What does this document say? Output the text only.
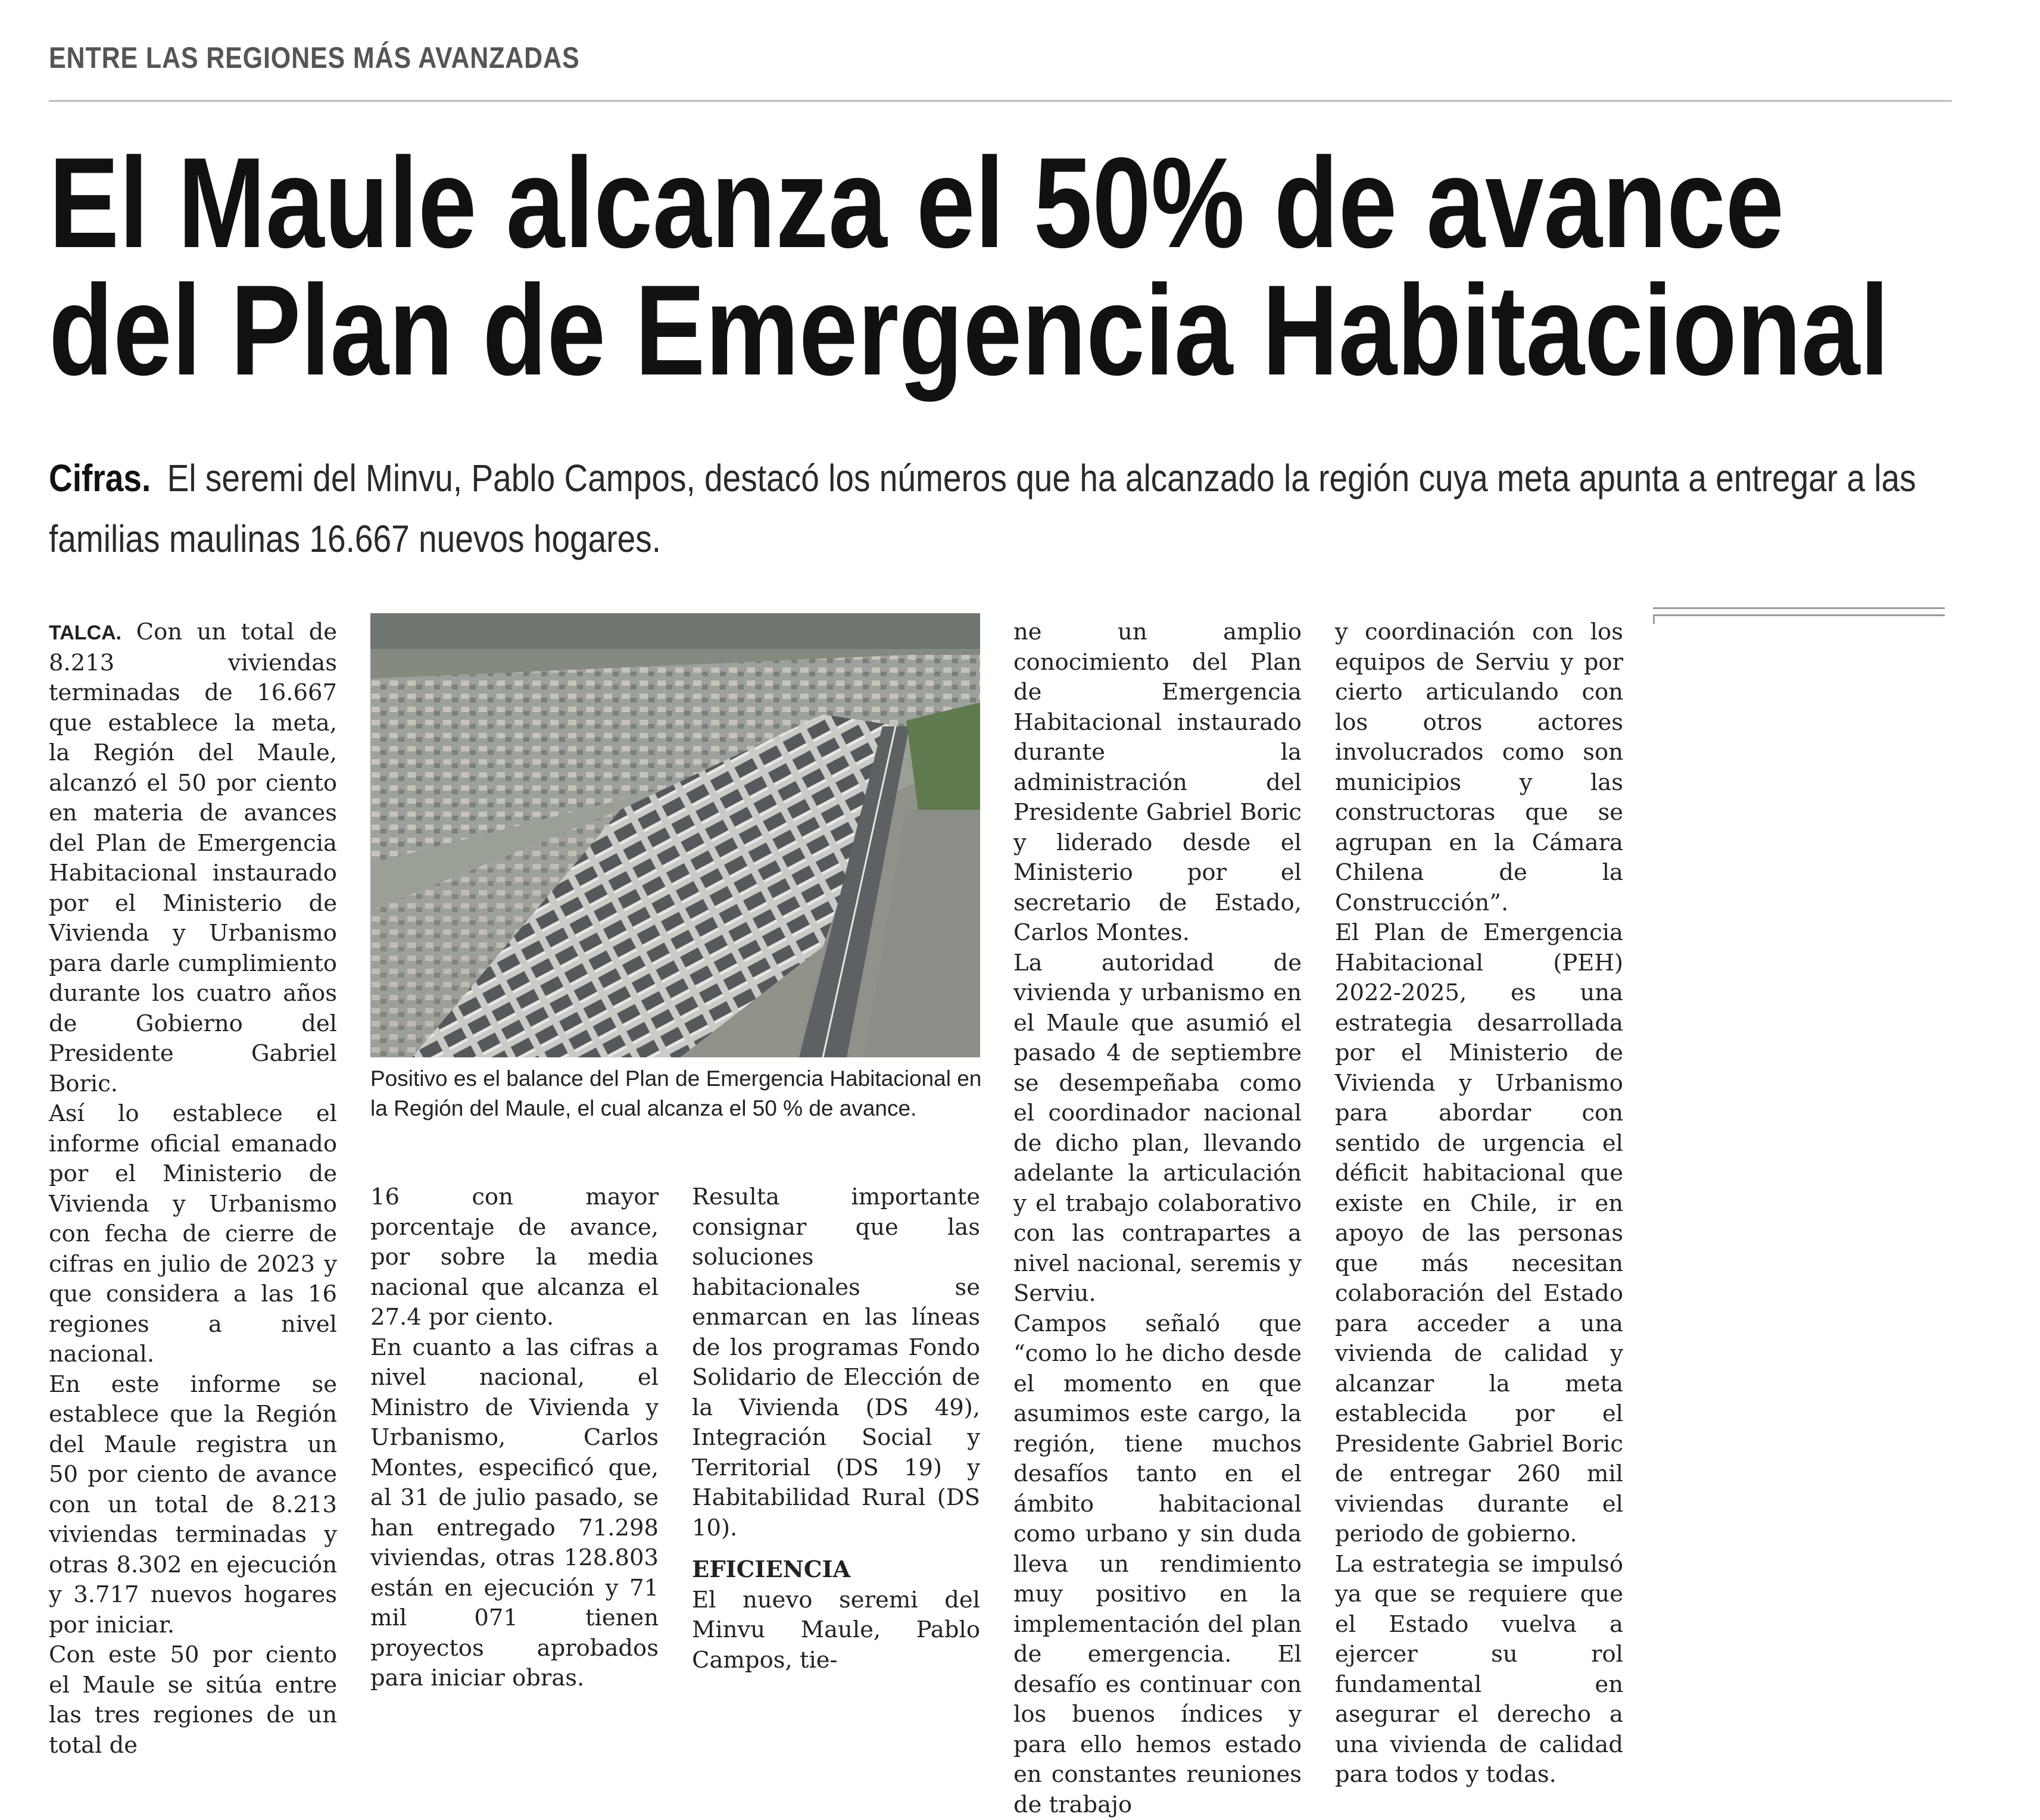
ENTRE LAS REGIONES MÁS AVANZADAS
El Maule alcanza el 50% de avance
del Plan de Emergencia Habitacional
Cifras. El seremi del Minvu, Pablo Campos, destacó los números que ha alcanzado la región cuya meta apunta a entregar a las familias maulinas 16.667 nuevos hogares.

TALCA. Con un total de 8.213 viviendas terminadas de 16.667 que establece la meta, la Región del Maule, alcanzó el 50 por ciento en materia de avances del Plan de Emergencia Habitacional instaurado por el Ministerio de Vivienda y Urbanismo para darle cumplimiento durante los cuatro años de Gobierno del Presidente Gabriel Boric.

Así lo establece el informe oficial emanado por el Ministerio de Vivienda y Urbanismo con fecha de cierre de cifras en julio de 2023 y que considera a las 16 regiones a nivel nacional.

En este informe se establece que la Región del Maule registra un 50 por ciento de avance con un total de 8.213 viviendas terminadas y otras 8.302 en ejecución y 3.717 nuevos hogares por iniciar.

Con este 50 por ciento el Maule se sitúa entre las tres regiones de un total de

Positivo es el balance del Plan de Emergencia Habitacional en la Región del Maule, el cual alcanza el 50 % de avance.

16 con mayor porcentaje de avance, por sobre la media nacional que alcanza el 27.4 por ciento.

En cuanto a las cifras a nivel nacional, el Ministro de Vivienda y Urbanismo, Carlos Montes, especificó que, al 31 de julio pasado, se han entregado 71.298 viviendas, otras 128.803 están en ejecución y 71 mil 071 tienen proyectos aprobados para iniciar obras.

Resulta importante consignar que las soluciones habitacionales se enmarcan en las líneas de los programas Fondo Solidario de Elección de la Vivienda (DS 49), Integración Social y Territorial (DS 19) y Habitabilidad Rural (DS 10).

EFICIENCIA

El nuevo seremi del Minvu Maule, Pablo Campos, tie-

ne un amplio conocimiento del Plan de Emergencia Habitacional instaurado durante la administración del Presidente Gabriel Boric y liderado desde el Ministerio por el secretario de Estado, Carlos Montes.

La autoridad de vivienda y urbanismo en el Maule que asumió el pasado 4 de septiembre se desempeñaba como el coordinador nacional de dicho plan, llevando adelante la articulación y el trabajo colaborativo con las contrapartes a nivel nacional, seremis y Serviu.

Campos señaló que “como lo he dicho desde el momento en que asumimos este cargo, la región, tiene muchos desafíos tanto en el ámbito habitacional como urbano y sin duda lleva un rendimiento muy positivo en la implementación del plan de emergencia. El desafío es continuar con los buenos índices y para ello hemos estado en constantes reuniones de trabajo

y coordinación con los equipos de Serviu y por cierto articulando con los otros actores involucrados como son municipios y las constructoras que se agrupan en la Cámara Chilena de la Construcción”.

El Plan de Emergencia Habitacional (PEH) 2022-2025, es una estrategia desarrollada por el Ministerio de Vivienda y Urbanismo para abordar con sentido de urgencia el déficit habitacional que existe en Chile, ir en apoyo de las personas que más necesitan colaboración del Estado para acceder a una vivienda de calidad y alcanzar la meta establecida por el Presidente Gabriel Boric de entregar 260 mil viviendas durante el periodo de gobierno.

La estrategia se impulsó ya que se requiere que el Estado vuelva a ejercer su rol fundamental en asegurar el derecho a una vivienda de calidad para todos y todas.
